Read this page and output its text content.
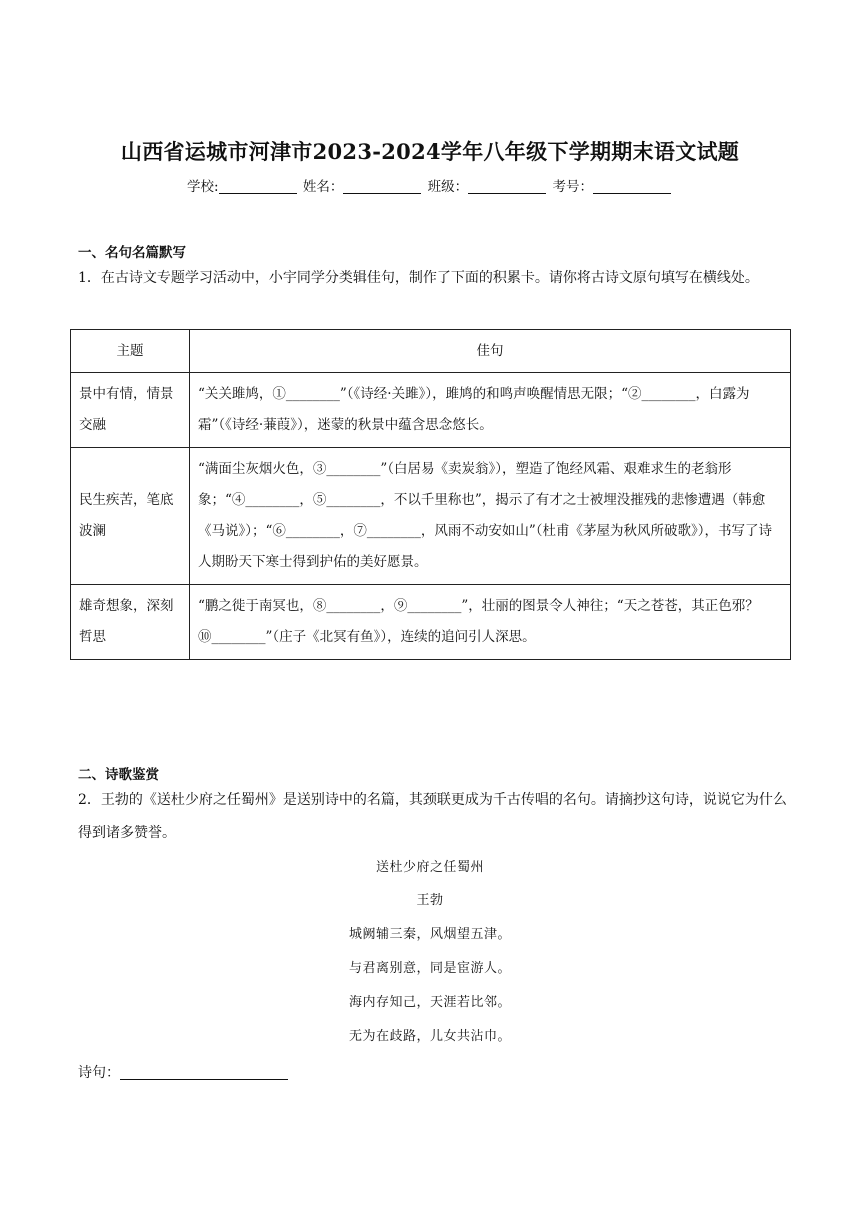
山西省运城市河津市2023-2024学年八年级下学期期末语文试题
学校:	姓名：	班级：	考号：
一、名句名篇默写
1．在古诗文专题学习活动中，小宇同学分类辑佳句，制作了下面的积累卡。请你将古诗文原句填写在横线处。
主题	佳句
景中有情，情景交融	“关关雎鸠，①________”（《诗经·关雎》），雎鸠的和鸣声唤醒情思无限；“②________，白露为霜”（《诗经·蒹葭》），迷蒙的秋景中蕴含思念悠长。
民生疾苦，笔底波澜	“满面尘灰烟火色，③________”（白居易《卖炭翁》），塑造了饱经风霜、艰难求生的老翁形象；“④________，⑤________，不以千里称也”，揭示了有才之士被埋没摧残的悲惨遭遇（韩愈《马说》）；“⑥________，⑦________，风雨不动安如山”（杜甫《茅屋为秋风所破歌》），书写了诗人期盼天下寒士得到护佑的美好愿景。
雄奇想象，深刻哲思	“鹏之徙于南冥也，⑧________，⑨________”，壮丽的图景令人神往；“天之苍苍，其正色邪？⑩________”（庄子《北冥有鱼》），连续的追问引人深思。
二、诗歌鉴赏
2．王勃的《送杜少府之任蜀州》是送别诗中的名篇，其颈联更成为千古传唱的名句。请摘抄这句诗，说说它为什么得到诸多赞誉。
送杜少府之任蜀州
王勃
城阙辅三秦，风烟望五津。
与君离别意，同是宦游人。
海内存知己，天涯若比邻。
无为在歧路，儿女共沾巾。
诗句：
